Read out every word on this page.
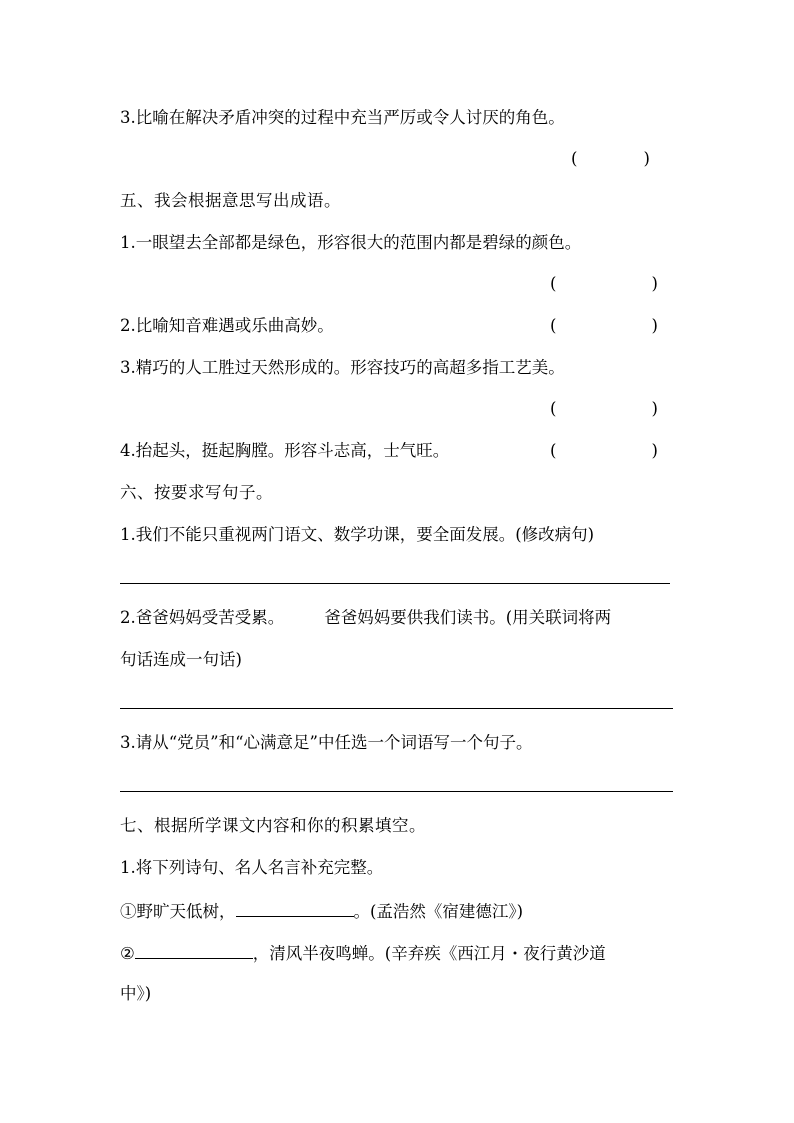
3.比喻在解决矛盾冲突的过程中充当严厉或令人讨厌的角色。
(	)
五、我会根据意思写出成语。
1.一眼望去全部都是绿色，形容很大的范围内都是碧绿的颜色。
(	)
2.比喻知音难遇或乐曲高妙。	(	)
3.精巧的人工胜过天然形成的。形容技巧的高超多指工艺美。
(	)
4.抬起头，挺起胸膛。形容斗志高，士气旺。	(	)
六、按要求写句子。
1.我们不能只重视两门语文、数学功课，要全面发展。(修改病句)
2.爸爸妈妈受苦受累。 爸爸妈妈要供我们读书。(用关联词将两
句话连成一句话)
3.请从“党员”和“心满意足”中任选一个词语写一个句子。
七、根据所学课文内容和你的积累填空。
1.将下列诗句、名人名言补充完整。
①野旷天低树，	。(孟浩然《宿建德江》)
②	，清风半夜鸣蝉。(辛弃疾《西江月・夜行黄沙道
中》)
